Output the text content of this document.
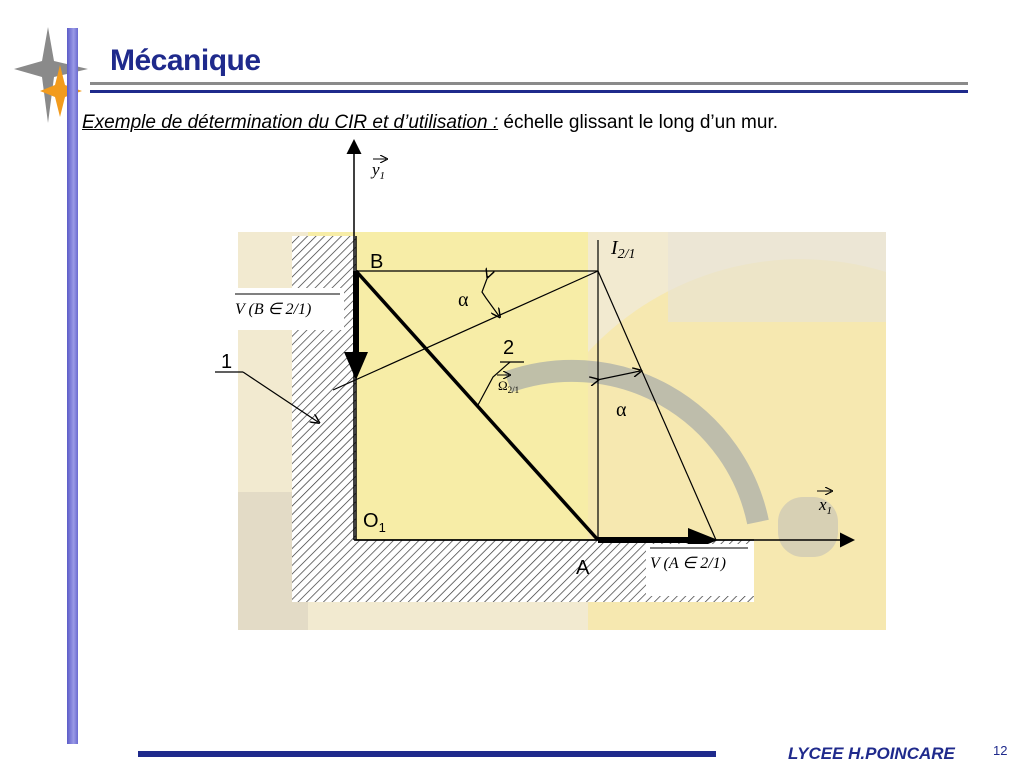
Mécanique
Exemple de détermination du CIR et d’utilisation : échelle glissant le long d’un mur.
$y_1$
$x_1$
B
A
$O_1$
$I_{2/1}$
V (B ∈ 2/1)
V (A ∈ 2/1)
$\Omega_{2/1}$
1
2
α
α
LYCEE H.POINCARE	12
